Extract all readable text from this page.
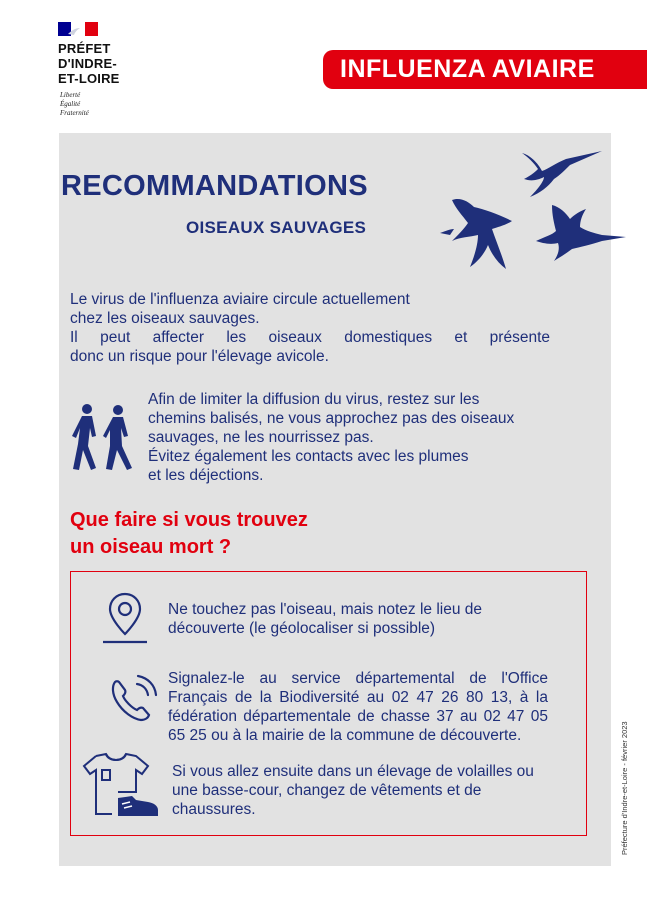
PRÉFET
D'INDRE-
ET-LOIRE
Liberté
Égalité
Fraternité
INFLUENZA AVIAIRE
RECOMMANDATIONS
OISEAUX SAUVAGES

Le virus de l'influenza aviaire circule actuellement

chez les oiseaux sauvages.

Il peut affecter les oiseaux domestiques et présente

donc un risque pour l'élevage avicole.

Afin de limiter la diffusion du virus, restez sur les

chemins balisés, ne vous approchez pas des oiseaux

sauvages, ne les nourrissez pas.

Évitez également les contacts avec les plumes

et les déjections.

Que faire si vous trouvez
un oiseau mort ?
Ne touchez pas l'oiseau, mais notez le lieu de découverte (le géolocaliser si possible)
Signalez-le au service départemental de l'Office Français de la Biodiversité au 02 47 26 80 13, à la fédération départementale de chasse 37 au 02 47 05 65 25 ou à la mairie de la commune de découverte.
Si vous allez ensuite dans un élevage de volailles ou une basse-cour, changez de vêtements et de chaussures.	Préfecture d'Indre-et-Loire - février 2023
